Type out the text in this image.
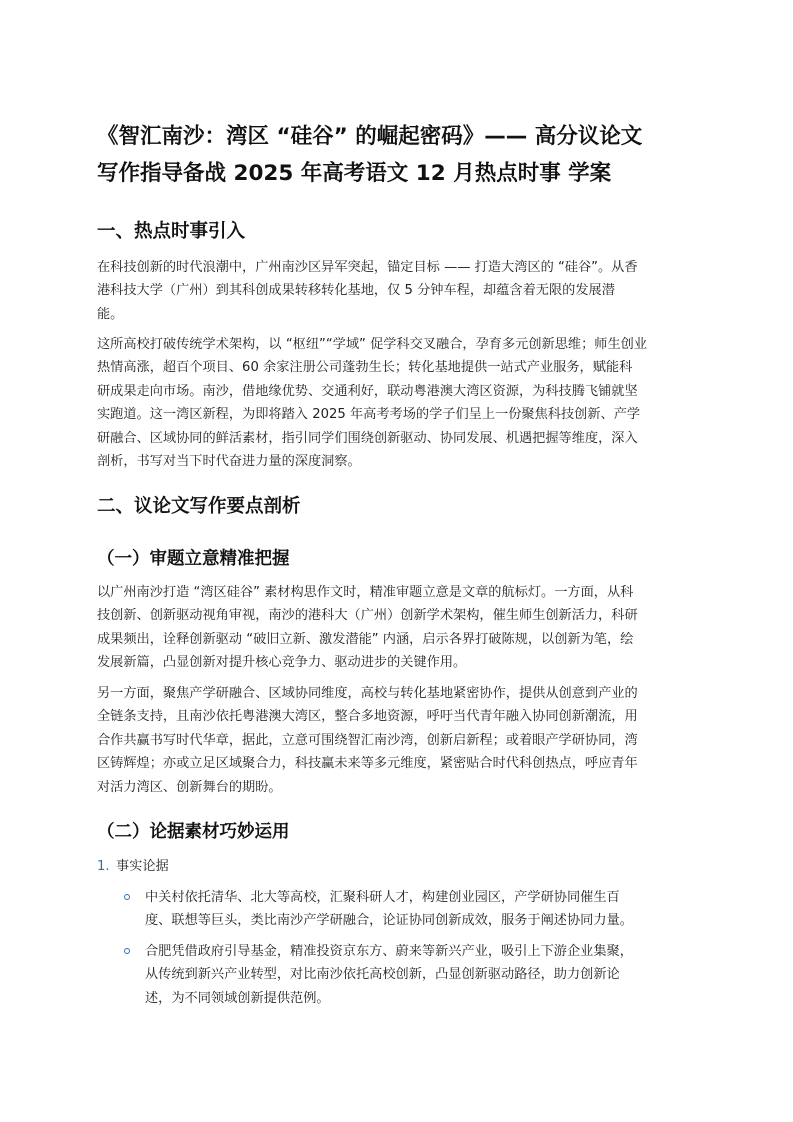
《智汇南沙：湾区 “硅谷” 的崛起密码》—— 高分议论文
写作指导备战 2025 年高考语文 12 月热点时事 学案
一、热点时事引入
在科技创新的时代浪潮中，广州南沙区异军突起，锚定目标 —— 打造大湾区的 “硅谷”。从香
港科技大学（广州）到其科创成果转移转化基地，仅 5 分钟车程，却蕴含着无限的发展潜
能。
这所高校打破传统学术架构，以 “枢纽”“学域” 促学科交叉融合，孕育多元创新思维；师生创业
热情高涨，超百个项目、60 余家注册公司蓬勃生长；转化基地提供一站式产业服务，赋能科
研成果走向市场。南沙，借地缘优势、交通利好，联动粤港澳大湾区资源，为科技腾飞铺就坚
实跑道。这一湾区新程，为即将踏入 2025 年高考考场的学子们呈上一份聚焦科技创新、产学
研融合、区域协同的鲜活素材，指引同学们围绕创新驱动、协同发展、机遇把握等维度，深入
剖析，书写对当下时代奋进力量的深度洞察。
二、议论文写作要点剖析
（一）审题立意精准把握
以广州南沙打造 “湾区硅谷” 素材构思作文时，精准审题立意是文章的航标灯。一方面，从科
技创新、创新驱动视角审视，南沙的港科大（广州）创新学术架构，催生师生创新活力，科研
成果频出，诠释创新驱动 “破旧立新、激发潜能” 内涵，启示各界打破陈规，以创新为笔，绘
发展新篇，凸显创新对提升核心竞争力、驱动进步的关键作用。
另一方面，聚焦产学研融合、区域协同维度，高校与转化基地紧密协作，提供从创意到产业的
全链条支持，且南沙依托粤港澳大湾区，整合多地资源，呼吁当代青年融入协同创新潮流，用
合作共赢书写时代华章，据此，立意可围绕智汇南沙湾，创新启新程；或着眼产学研协同，湾
区铸辉煌；亦或立足区域聚合力，科技赢未来等多元维度，紧密贴合时代科创热点，呼应青年
对活力湾区、创新舞台的期盼。
（二）论据素材巧妙运用
1. 事实论据
中关村依托清华、北大等高校，汇聚科研人才，构建创业园区，产学研协同催生百
度、联想等巨头，类比南沙产学研融合，论证协同创新成效，服务于阐述协同力量。
合肥凭借政府引导基金，精准投资京东方、蔚来等新兴产业，吸引上下游企业集聚，
从传统到新兴产业转型，对比南沙依托高校创新，凸显创新驱动路径，助力创新论
述，为不同领域创新提供范例。
